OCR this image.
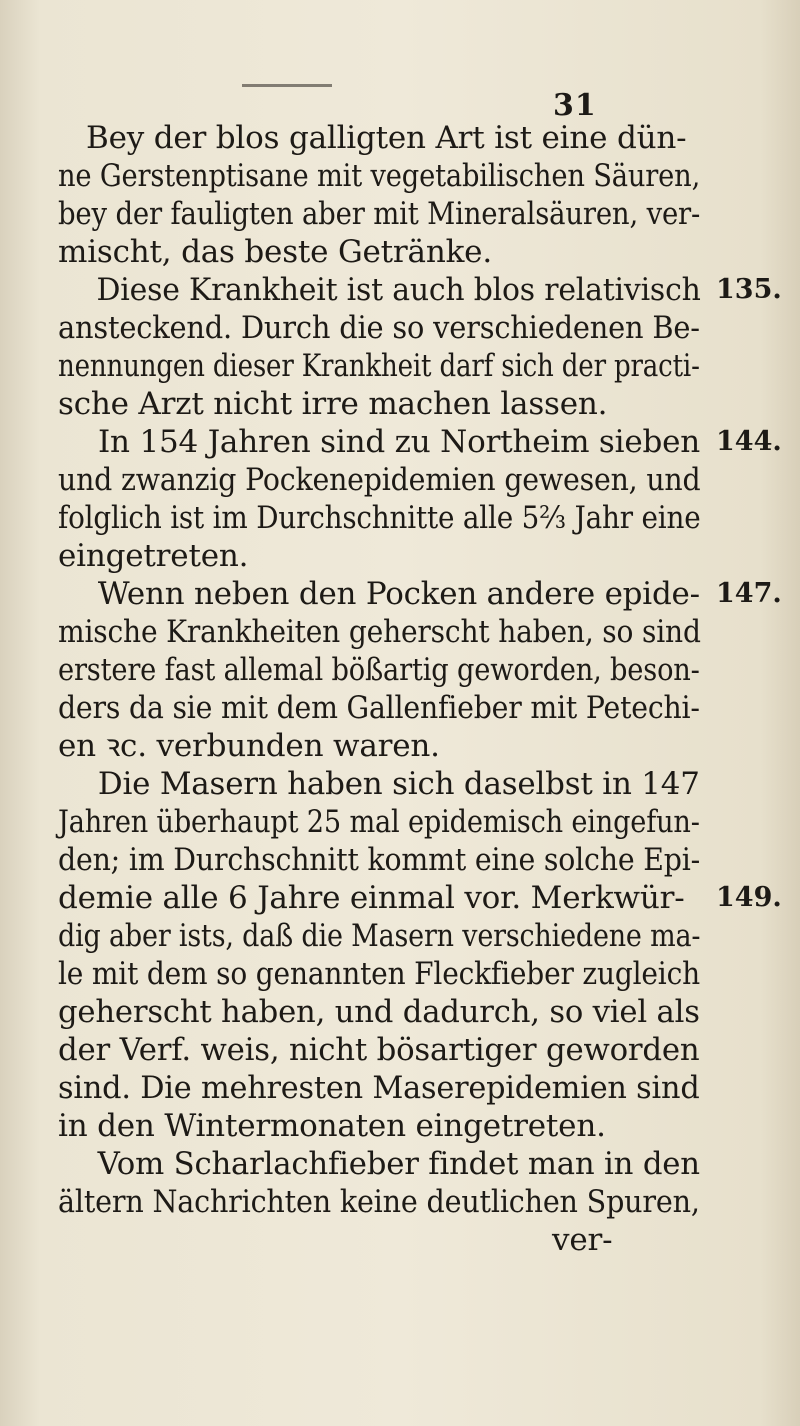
31
Bey der blos galligten Art ist eine dün-
ne Gerstenptisane mit vegetabilischen Säuren,
bey der fauligten aber mit Mineralsäuren, ver-
mischt, das beste Getränke.
Diese Krankheit ist auch blos relativisch
ansteckend. Durch die so verschiedenen Be-
nennungen dieser Krankheit darf sich der practi-
sche Arzt nicht irre machen lassen.
In 154 Jahren sind zu Northeim sieben
und zwanzig Pockenepidemien gewesen, und
folglich ist im Durchschnitte alle 5⅔ Jahr eine
eingetreten.
Wenn neben den Pocken andere epide-
mische Krankheiten geherscht haben, so sind
erstere fast allemal bößartig geworden, beson-
ders da sie mit dem Gallenfieber mit Petechi-
en ꝛc. verbunden waren.
Die Masern haben sich daselbst in 147
Jahren überhaupt 25 mal epidemisch eingefun-
den; im Durchschnitt kommt eine solche Epi-
demie alle 6 Jahre einmal vor. Merkwür-
dig aber ists, daß die Masern verschiedene ma-
le mit dem so genannten Fleckfieber zugleich
geherscht haben, und dadurch, so viel als
der Verf. weis, nicht bösartiger geworden
sind. Die mehresten Maserepidemien sind
in den Wintermonaten eingetreten.
Vom Scharlachfieber findet man in den
ältern Nachrichten keine deutlichen Spuren,
ver-
135.
144.
147.
149.
